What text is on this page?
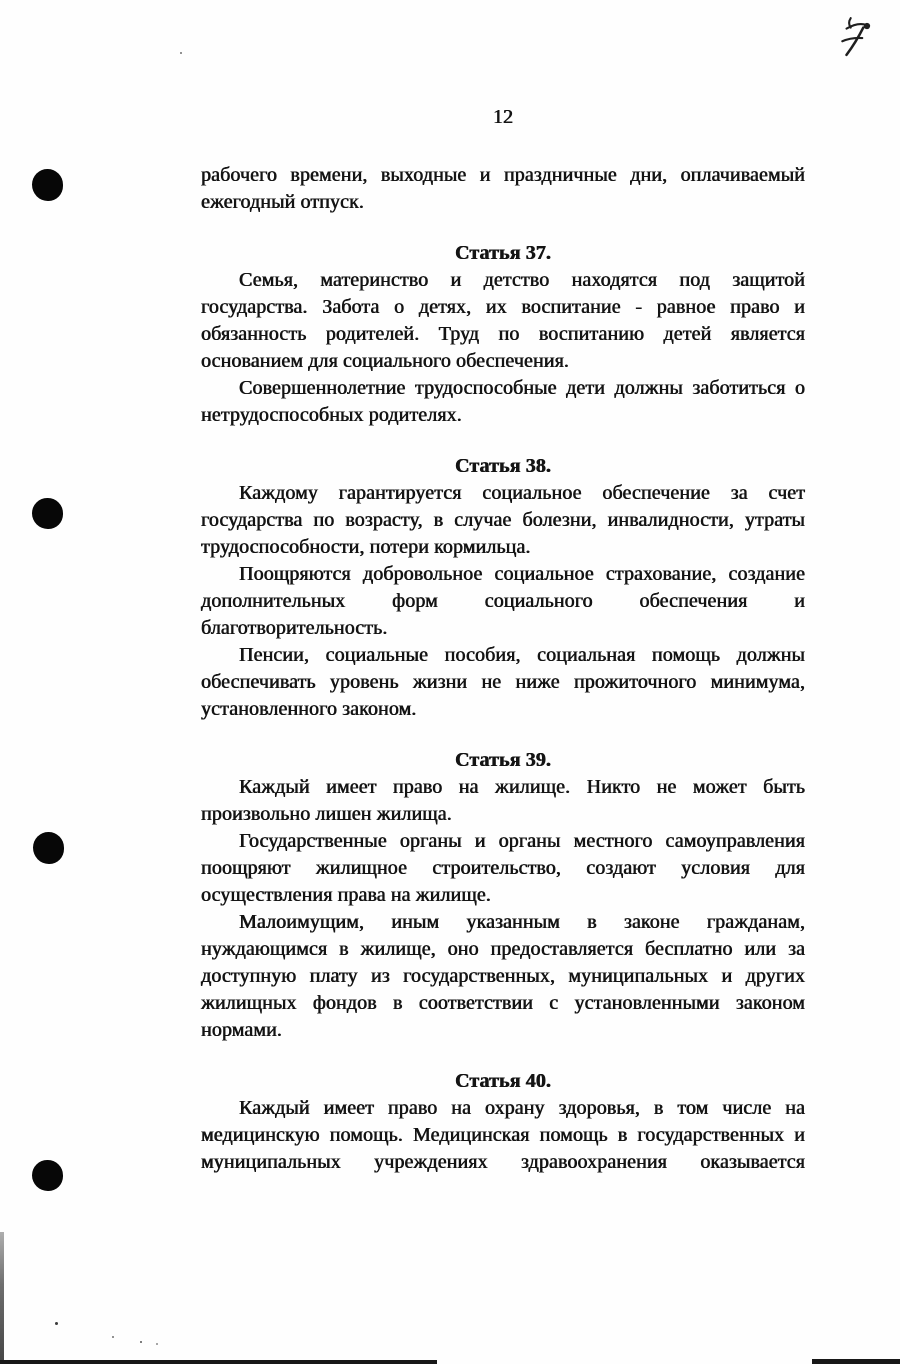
12
рабочего времени, выходные и праздничные дни, оплачиваемый
ежегодный отпуск.
Статья 37.
Семья, материнство и детство находятся под защитой
государства. Забота о детях, их воспитание - равное право и
обязанность родителей. Труд по воспитанию детей является
основанием для социального обеспечения.
Совершеннолетние трудоспособные дети должны заботиться о
нетрудоспособных родителях.
Статья 38.
Каждому гарантируется социальное обеспечение за счет
государства по возрасту, в случае болезни, инвалидности, утраты
трудоспособности, потери кормильца.
Поощряются добровольное социальное страхование, создание
дополнительных форм социального обеспечения и
благотворительность.
Пенсии, социальные пособия, социальная помощь должны
обеспечивать уровень жизни не ниже прожиточного минимума,
установленного законом.
Статья 39.
Каждый имеет право на жилище. Никто не может быть
произвольно лишен жилища.
Государственные органы и органы местного самоуправления
поощряют жилищное строительство, создают условия для
осуществления права на жилище.
Малоимущим, иным указанным в законе гражданам,
нуждающимся в жилище, оно предоставляется бесплатно или за
доступную плату из государственных, муниципальных и других
жилищных фондов в соответствии с установленными законом
нормами.
Статья 40.
Каждый имеет право на охрану здоровья, в том числе на
медицинскую помощь. Медицинская помощь в государственных и
муниципальных учреждениях здравоохранения оказывается
